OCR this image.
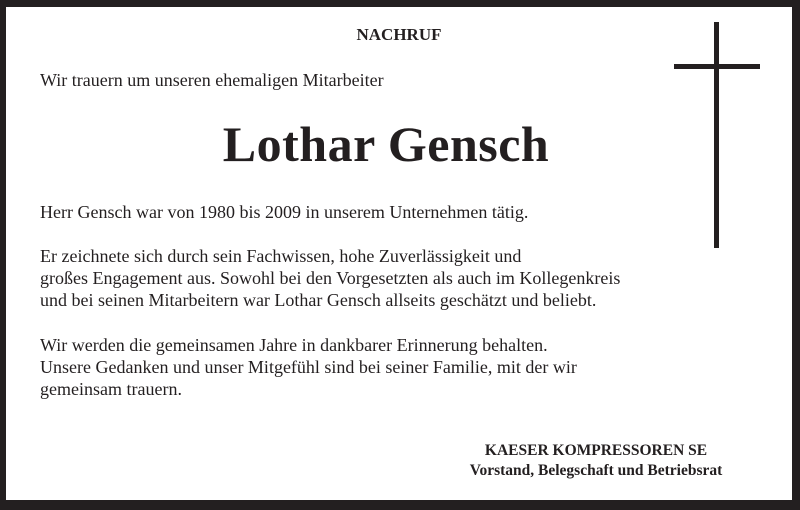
NACHRUF
Wir trauern um unseren ehemaligen Mitarbeiter
Lothar Gensch
Herr Gensch war von 1980 bis 2009 in unserem Unternehmen tätig.
Er zeichnete sich durch sein Fachwissen, hohe Zuverlässigkeit und
großes Engagement aus. Sowohl bei den Vorgesetzten als auch im Kollegenkreis
und bei seinen Mitarbeitern war Lothar Gensch allseits geschätzt und beliebt.
Wir werden die gemeinsamen Jahre in dankbarer Erinnerung behalten.
Unsere Gedanken und unser Mitgefühl sind bei seiner Familie, mit der wir
gemeinsam trauern.
KAESER KOMPRESSOREN SE
Vorstand, Belegschaft und Betriebsrat
